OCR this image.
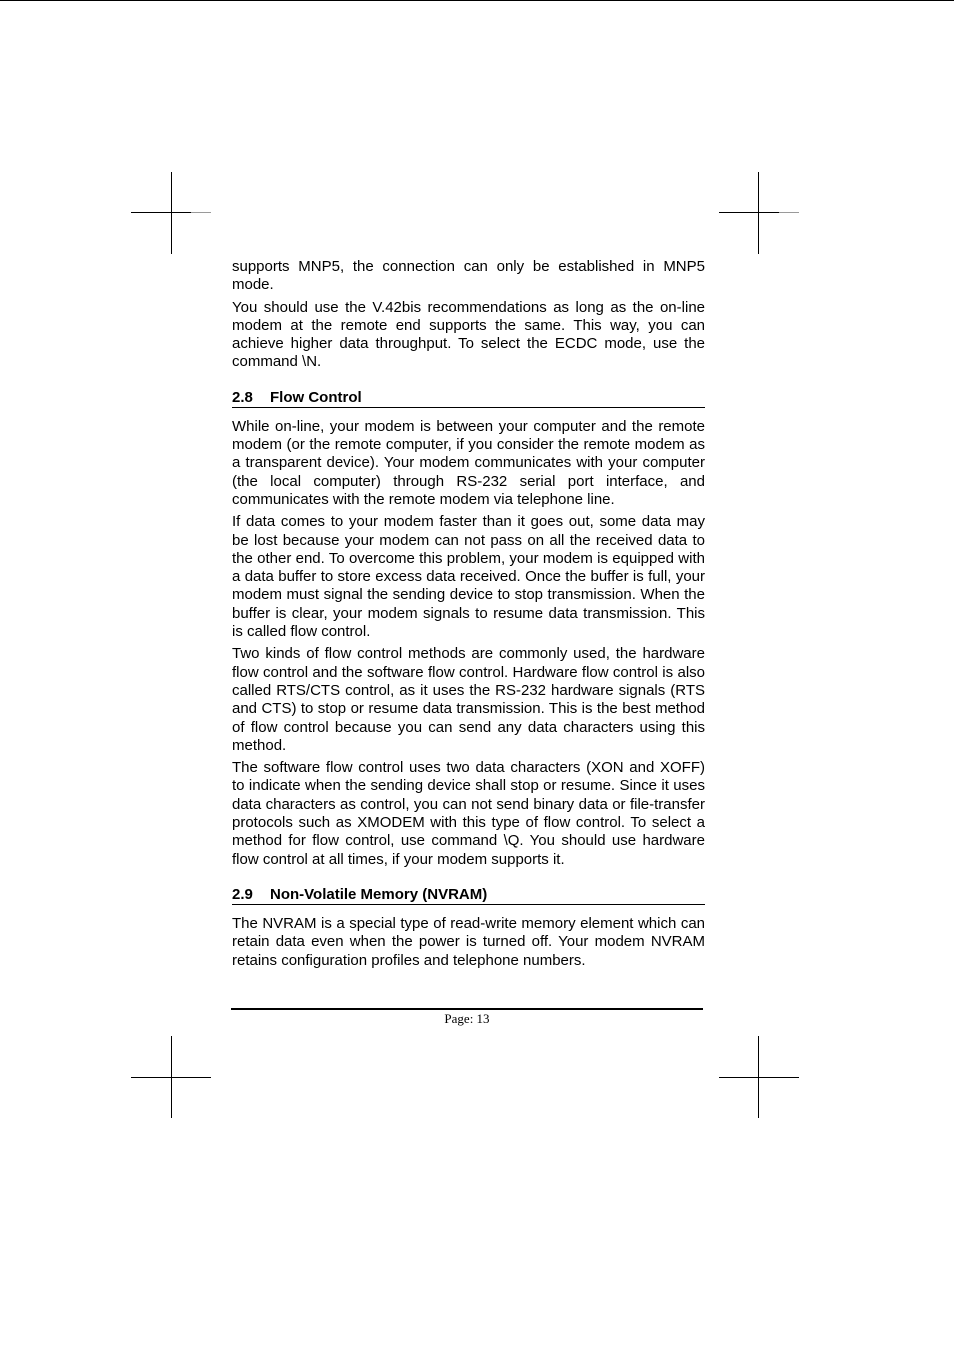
supports MNP5, the connection can only be established in MNP5 mode.

You should use the V.42bis recommendations as long as the on-line modem at the remote end supports the same. This way, you can achieve higher data throughput. To select the ECDC mode, use the command \N.

2.8	Flow Control

While on-line, your modem is between your computer and the remote modem (or the remote computer, if you consider the remote modem as a transparent device). Your modem communicates with your computer (the local computer) through RS-232 serial port interface, and communicates with the remote modem via telephone line.

If data comes to your modem faster than it goes out, some data may be lost because your modem can not pass on all the received data to the other end. To overcome this problem, your modem is equipped with a data buffer to store excess data received. Once the buffer is full, your modem must signal the sending device to stop transmission. When the buffer is clear, your modem signals to resume data transmission. This is called flow control.

Two kinds of flow control methods are commonly used, the hardware flow control and the software flow control. Hardware flow control is also called RTS/CTS control, as it uses the RS-232 hardware signals (RTS and CTS) to stop or resume data transmission. This is the best method of flow control because you can send any data characters using this method.

The software flow control uses two data characters (XON and XOFF) to indicate when the sending device shall stop or resume. Since it uses data characters as control, you can not send binary data or file-transfer protocols such as XMODEM with this type of flow control. To select a method for flow control, use command \Q. You should use hardware flow control at all times, if your modem supports it.

2.9	Non-Volatile Memory (NVRAM)

The NVRAM is a special type of read-write memory element which can retain data even when the power is turned off. Your modem NVRAM retains configuration profiles and telephone numbers.

Page: 13
